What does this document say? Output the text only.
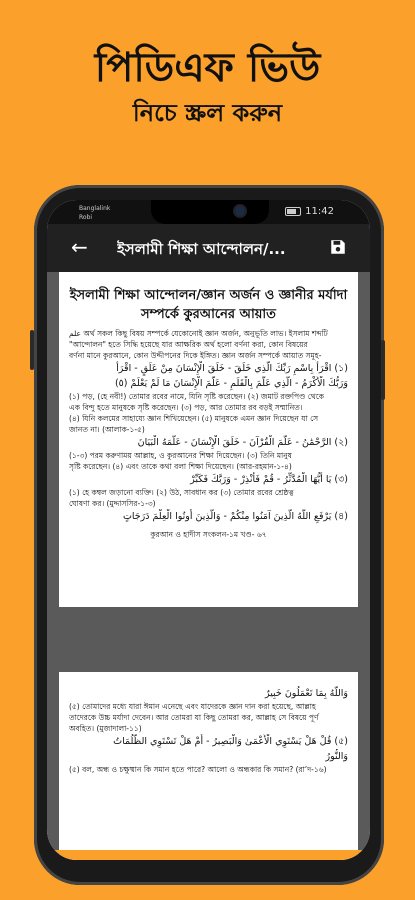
পিডিএফ ভিউ
নিচে স্ক্রল করুন
Banglalink
Robi
11:42
← ইসলামী শিক্ষা আন্দোলন/...
ইসলামী শিক্ষা আন্দোলন/জ্ঞান অর্জন ও জ্ঞানীর মর্যাদা সম্পর্কে কুরআনের আয়াত
علم অর্থ সকল কিছু বিষয় সম্পর্কে যেকোনোই জ্ঞান অর্জন, অনুভূতি লাভ। ইসলাম শব্দটি
"আন্দোলন" হতে সিদ্ধি হয়েছে যার আক্ষরিক অর্থ হলো বর্ণনা করা, কোন বিষয়ের
বর্ণনা মানে কুরআনে, কোন উদ্দীপনের দিকে ইঙ্গিত। জ্ঞান অর্জন সম্পর্কে আয়াত সমূহ-
(১) اقْرَأْ بِاسْمِ رَبِّكَ الَّذِي خَلَقَ - خَلَقَ الْإِنْسَانَ مِنْ عَلَقٍ - اقْرَأْ
وَرَبُّكَ الْأَكْرَمُ - الَّذِي عَلَّمَ بِالْقَلَمِ - عَلَّمَ الْإِنْسَانَ مَا لَمْ يَعْلَمْ (٥)
(১) পড়, (হে নবী!) তোমার রবের নামে, যিনি সৃষ্টি করেছেন। (২) জমাট রক্তপিণ্ড থেকে
এক বিন্দু হতে মানুষকে সৃষ্টি করেছেন। (৩) পড়, আর তোমার রব বড়ই সম্মানিত।
(৪) যিনি কলমের সাহায্যে জ্ঞান শিখিয়েছেন। (৫) মানুষকে এমন জ্ঞান দিয়েছেন যা সে
জানত না। (আলাক-১-৫)
(২) الرَّحْمَٰنُ - عَلَّمَ الْقُرْآنَ - خَلَقَ الْإِنْسَانَ - عَلَّمَهُ الْبَيَانَ
(১-৩) পরম করুণাময় আল্লাহ, ও কুরআনের শিক্ষা দিয়েছেন। (৩) তিনি মানুষ
সৃষ্টি করেছেন। (৪) এবং তাকে কথা বলা শিক্ষা দিয়েছেন। (আর-রহমান-১-৪)
(৩) يَا أَيُّهَا الْمُدَّثِّرُ - قُمْ فَأَنْذِرْ - وَرَبَّكَ فَكَبِّرْ
(১) হে কম্বল জড়ানো ব্যক্তি। (২) উঠ, সাবধান কর (৩) তোমার রবের শ্রেষ্ঠত্ব
ঘোষণা কর। (মুদ্দাসসির-১-৩)
(৪) يَرْفَعِ اللَّهُ الَّذِينَ آمَنُوا مِنْكُمْ - وَالَّذِينَ أُوتُوا الْعِلْمَ دَرَجَاتٍ
কুরআন ও হাদীস সংকলন-১ম খণ্ড- ৬৭
وَاللَّهُ بِمَا تَعْمَلُونَ خَبِيرٌ
(৫) তোমাদের মধ্যে যারা ঈমান এনেছে এবং যাদেরকে জ্ঞান দান করা হয়েছে, আল্লাহ
তাদেরকে উচ্চ মর্যাদা দেবেন। আর তোমরা যা কিছু তোমরা কর, আল্লাহ সে বিষয়ে পূর্ণ
অবহিত। (মুজাদালা-১১)
(৫) قُلْ هَلْ يَسْتَوِي الْأَعْمَىٰ وَالْبَصِيرُ - أَمْ هَلْ تَسْتَوِي الظُّلُمَاتُ
وَالنُّورُ
(৫) বল, অন্ধ ও চক্ষুষ্মান কি সমান হতে পারে? আলো ও অন্ধকার কি সমান? (রা’দ-১৬)
